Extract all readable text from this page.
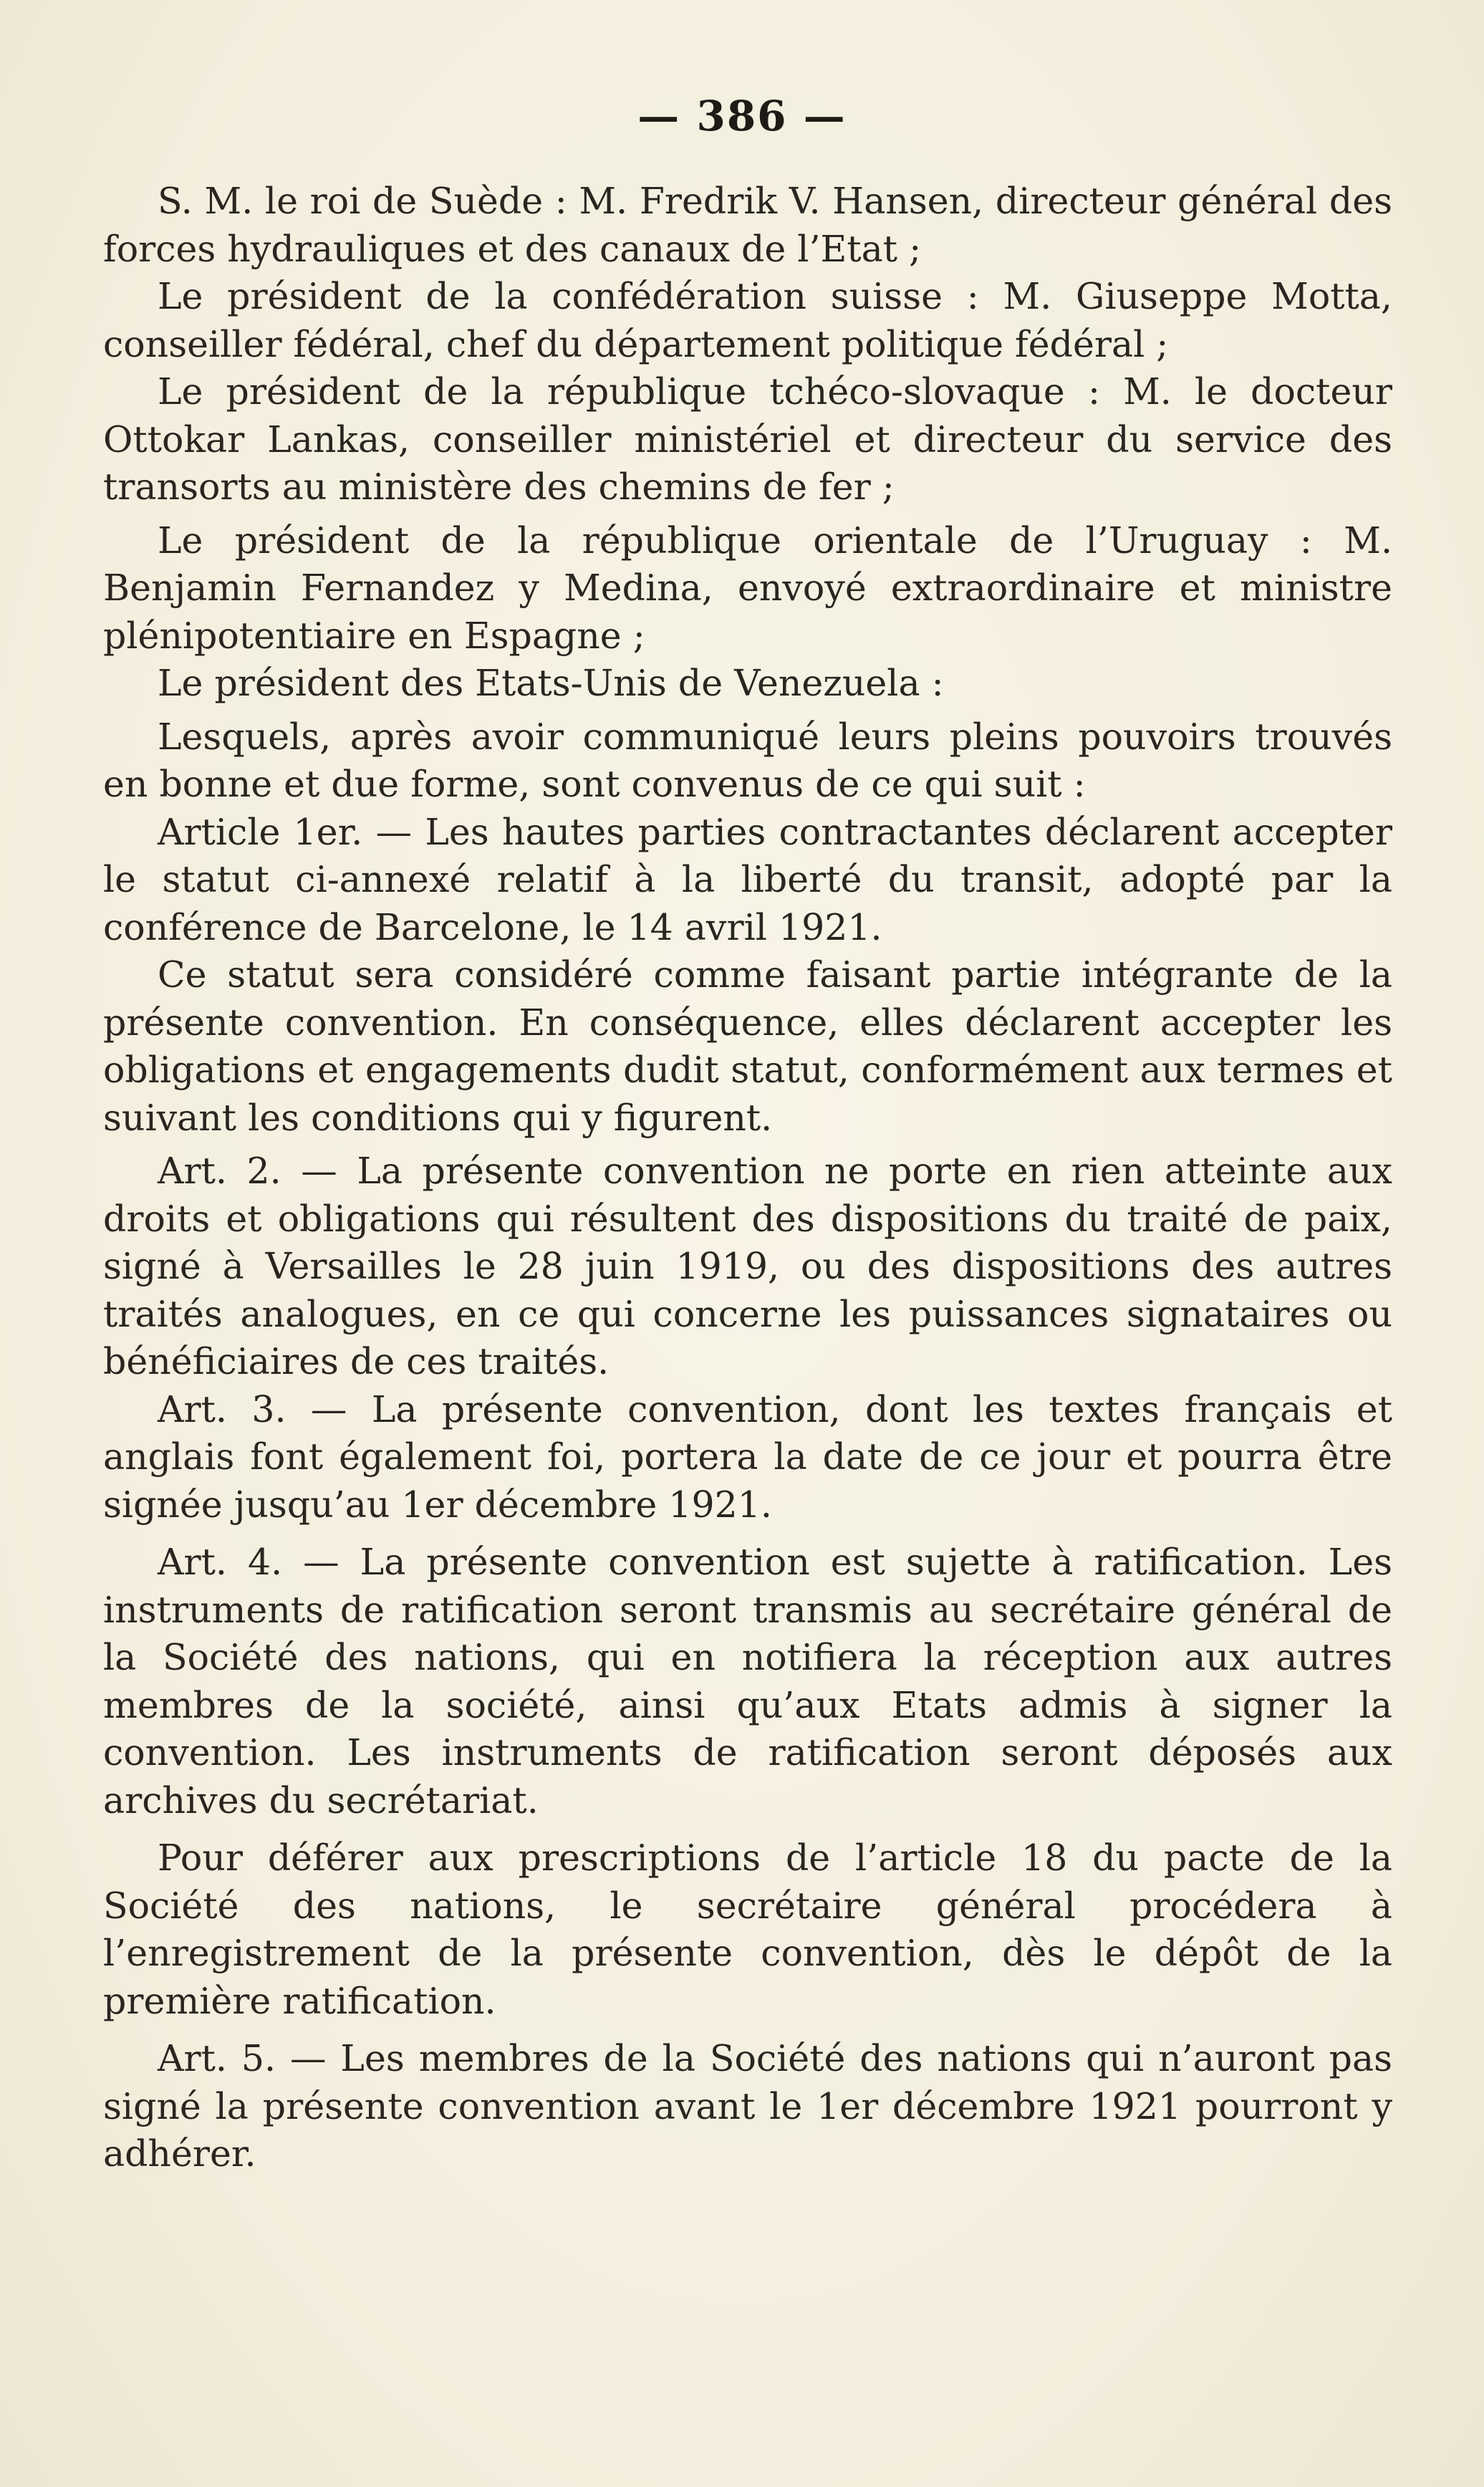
— 386 —

S. M. le roi de Suède : M. Fredrik V. Hansen, directeur général des forces hydrauliques et des canaux de l’Etat ;

Le président de la confédération suisse : M. Giuseppe Motta, conseiller fédéral, chef du département politique fédéral ;

Le président de la république tchéco-slovaque : M. le docteur Ottokar Lankas, conseiller ministériel et directeur du service des transorts au ministère des chemins de fer ;

Le président de la république orientale de l’Uruguay : M. Benjamin Fernandez y Medina, envoyé extraordinaire et ministre plénipotentiaire en Espagne ;

Le président des Etats-Unis de Venezuela :

Lesquels, après avoir communiqué leurs pleins pouvoirs trouvés en bonne et due forme, sont convenus de ce qui suit :

Article 1er. — Les hautes parties contractantes déclarent accepter le statut ci-annexé relatif à la liberté du transit, adopté par la conférence de Barcelone, le 14 avril 1921.

Ce statut sera considéré comme faisant partie intégrante de la présente convention. En conséquence, elles déclarent accepter les obligations et engagements dudit statut, conformément aux termes et suivant les conditions qui y figurent.

Art. 2. — La présente convention ne porte en rien atteinte aux droits et obligations qui résultent des dispositions du traité de paix, signé à Versailles le 28 juin 1919, ou des dispositions des autres traités analogues, en ce qui concerne les puissances signataires ou bénéficiaires de ces traités.

Art. 3. — La présente convention, dont les textes français et anglais font également foi, portera la date de ce jour et pourra être signée jusqu’au 1er décembre 1921.

Art. 4. — La présente convention est sujette à ratification. Les instruments de ratification seront transmis au secrétaire général de la Société des nations, qui en notifiera la réception aux autres membres de la société, ainsi qu’aux Etats admis à signer la convention. Les instruments de ratification seront déposés aux archives du secrétariat.

Pour déférer aux prescriptions de l’article 18 du pacte de la Société des nations, le secrétaire général procédera à l’enregistrement de la présente convention, dès le dépôt de la première ratification.

Art. 5. — Les membres de la Société des nations qui n’auront pas signé la présente convention avant le 1er décembre 1921 pourront y adhérer.
